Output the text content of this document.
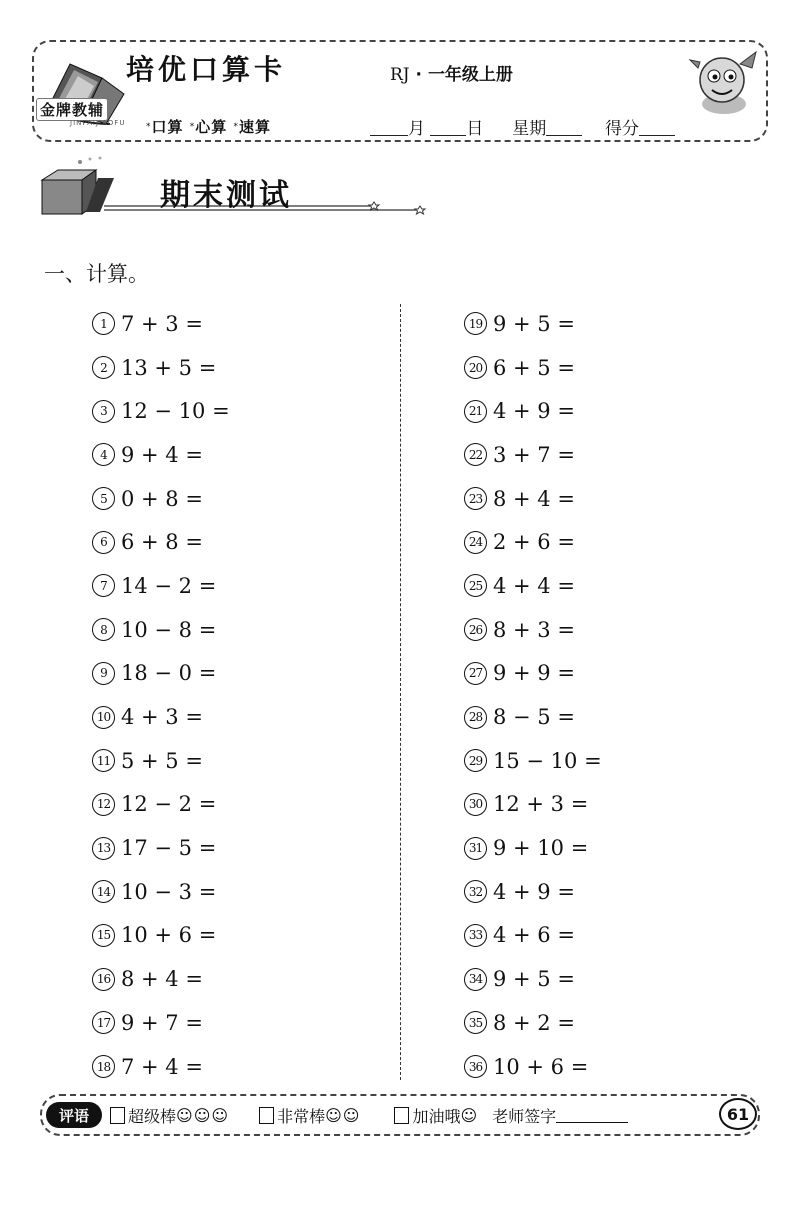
金牌教辅
JINPAIJIAOFU
培优口算卡	RJ · 一年级上册
*口算 *心算 *速算	月 日 星期	得分
期末测试
一、计算。
1 7 + 3 =
2 13 + 5 =
3 12 − 10 =
4 9 + 4 =
5 0 + 8 =
6 6 + 8 =
7 14 − 2 =
8 10 − 8 =
9 18 − 0 =
10 4 + 3 =
11 5 + 5 =
12 12 − 2 =
13 17 − 5 =
14 10 − 3 =
15 10 + 6 =
16 8 + 4 =
17 9 + 7 =
18 7 + 4 =
19 9 + 5 =
20 6 + 5 =
21 4 + 9 =
22 3 + 7 =
23 8 + 4 =
24 2 + 6 =
25 4 + 4 =
26 8 + 3 =
27 9 + 9 =
28 8 − 5 =
29 15 − 10 =
30 12 + 3 =
31 9 + 10 =
32 4 + 9 =
33 4 + 6 =
34 9 + 5 =
35 8 + 2 =
36 10 + 6 =
评语	超级棒 ☺☺☺	非常棒 ☺☺	加油哦 ☺ 老师签字	61
